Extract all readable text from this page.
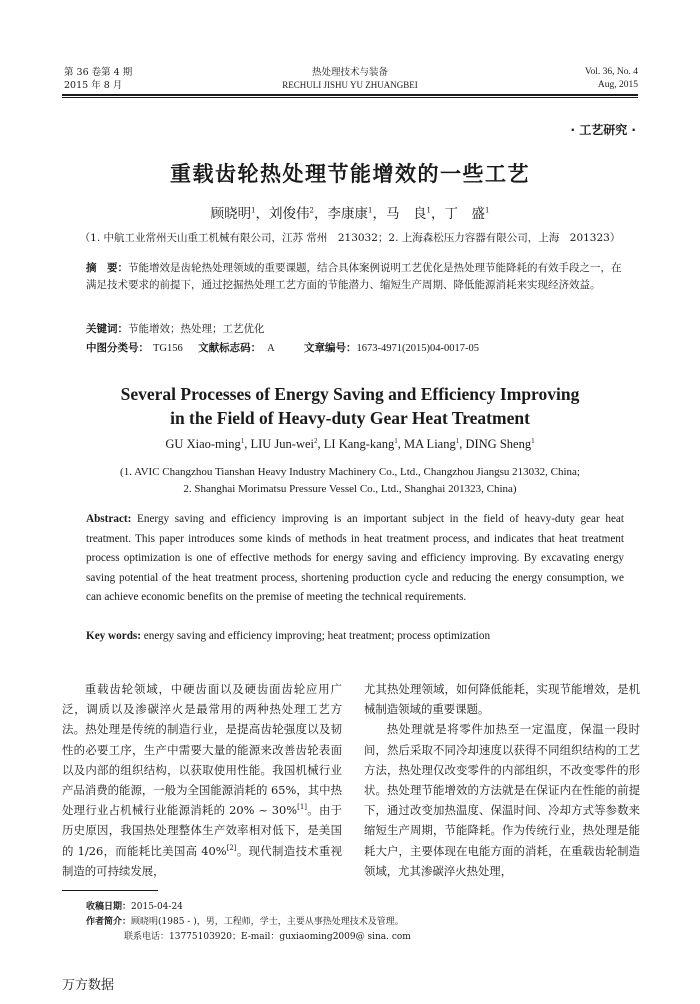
第 36 卷第 4 期
2015 年 8 月
热处理技术与装备
RECHULI JISHU YU ZHUANGBEI
Vol. 36, No. 4
Aug, 2015
· 工艺研究 ·
重载齿轮热处理节能增效的一些工艺
顾晓明$^1$，刘俊伟$^2$，李康康$^1$，马　良$^1$，丁　盛$^1$
（1. 中航工业常州天山重工机械有限公司，江苏 常州　213032；2. 上海森松压力容器有限公司，上海　201323）
摘　要：节能增效是齿轮热处理领域的重要课题，结合具体案例说明工艺优化是热处理节能降耗的有效手段之一，在满足技术要求的前提下，通过挖掘热处理工艺方面的节能潜力、缩短生产周期、降低能源消耗来实现经济效益。
关键词：节能增效；热处理；工艺优化
中图分类号： TG156 文献标志码： A	文章编号：1673-4971(2015)04-0017-05
Several Processes of Energy Saving and Efficiency Improving
in the Field of Heavy-duty Gear Heat Treatment
GU Xiao-ming$^1$, LIU Jun-wei$^2$, LI Kang-kang$^1$, MA Liang$^1$, DING Sheng$^1$
(1. AVIC Changzhou Tianshan Heavy Industry Machinery Co., Ltd., Changzhou Jiangsu 213032, China;
2. Shanghai Morimatsu Pressure Vessel Co., Ltd., Shanghai 201323, China)
Abstract: Energy saving and efficiency improving is an important subject in the field of heavy-duty gear heat treatment. This paper introduces some kinds of methods in heat treatment process, and indicates that heat treatment process optimization is one of effective methods for energy saving and efficiency improving. By excavating energy saving potential of the heat treatment process, shortening production cycle and reducing the energy consumption, we can achieve economic benefits on the premise of meeting the technical requirements.
Key words: energy saving and efficiency improving; heat treatment; process optimization

重载齿轮领域，中硬齿面以及硬齿面齿轮应用广泛，调质以及渗碳淬火是最常用的两种热处理工艺方法。热处理是传统的制造行业，是提高齿轮强度以及韧性的必要工序，生产中需要大量的能源来改善齿轮表面以及内部的组织结构，以获取使用性能。我国机械行业产品消费的能源，一般为全国能源消耗的 65%，其中热处理行业占机械行业能源消耗的 20% ~ 30%[1]。由于历史原因，我国热处理整体生产效率相对低下，是美国的 1/26，而能耗比美国高 40%[2]。现代制造技术重视制造的可持续发展，

尤其热处理领域，如何降低能耗，实现节能增效，是机械制造领域的重要课题。

热处理就是将零件加热至一定温度，保温一段时间，然后采取不同冷却速度以获得不同组织结构的工艺方法，热处理仅改变零件的内部组织，不改变零件的形状。热处理节能增效的方法就是在保证内在性能的前提下，通过改变加热温度、保温时间、冷却方式等参数来缩短生产周期，节能降耗。作为传统行业，热处理是能耗大户，主要体现在电能方面的消耗，在重载齿轮制造领域，尤其渗碳淬火热处理，

收稿日期：2015-04-24
作者简介：顾晓明(1985 - )，男，工程师，学士，主要从事热处理技术及管理。
联系电话：13775103920；E-mail：guxiaoming2009@ sina. com
万方数据
